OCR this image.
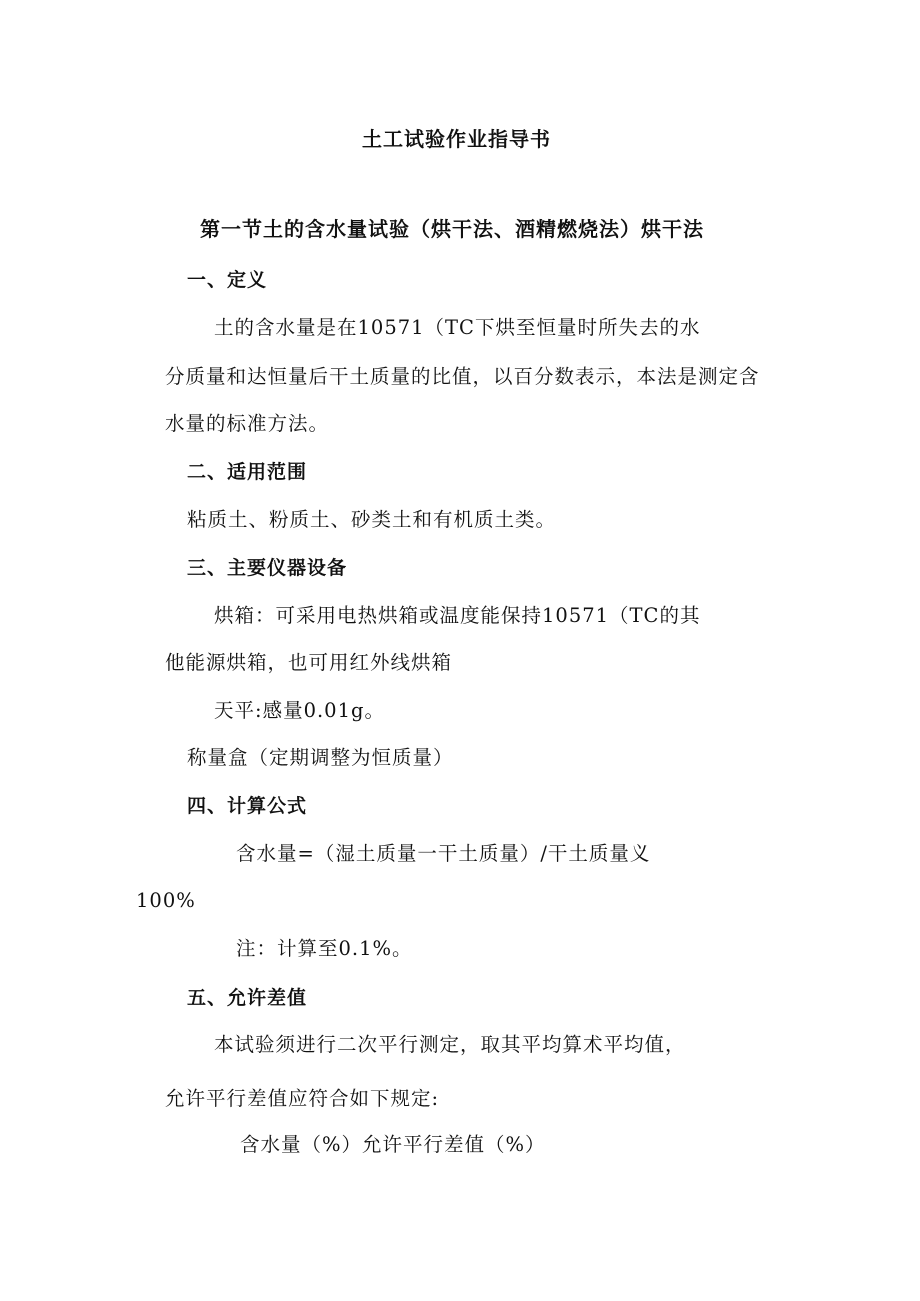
土工试验作业指导书
第一节土的含水量试验（烘干法、酒精燃烧法）烘干法
一、定义
土的含水量是在10571（TC下烘至恒量时所失去的水
分质量和达恒量后干土质量的比值，以百分数表示，本法是测定含
水量的标准方法。
二、适用范围
粘质土、粉质土、砂类土和有机质土类。
三、主要仪器设备
烘箱：可采用电热烘箱或温度能保持10571（TC的其
他能源烘箱，也可用红外线烘箱
天平:感量0.01g。
称量盒（定期调整为恒质量）
四、计算公式
含水量=（湿土质量一干土质量）/干土质量义
100%
注：计算至0.1%。
五、允许差值
本试验须进行二次平行测定，取其平均算术平均值，
允许平行差值应符合如下规定:
含水量（%）允许平行差值（%）
